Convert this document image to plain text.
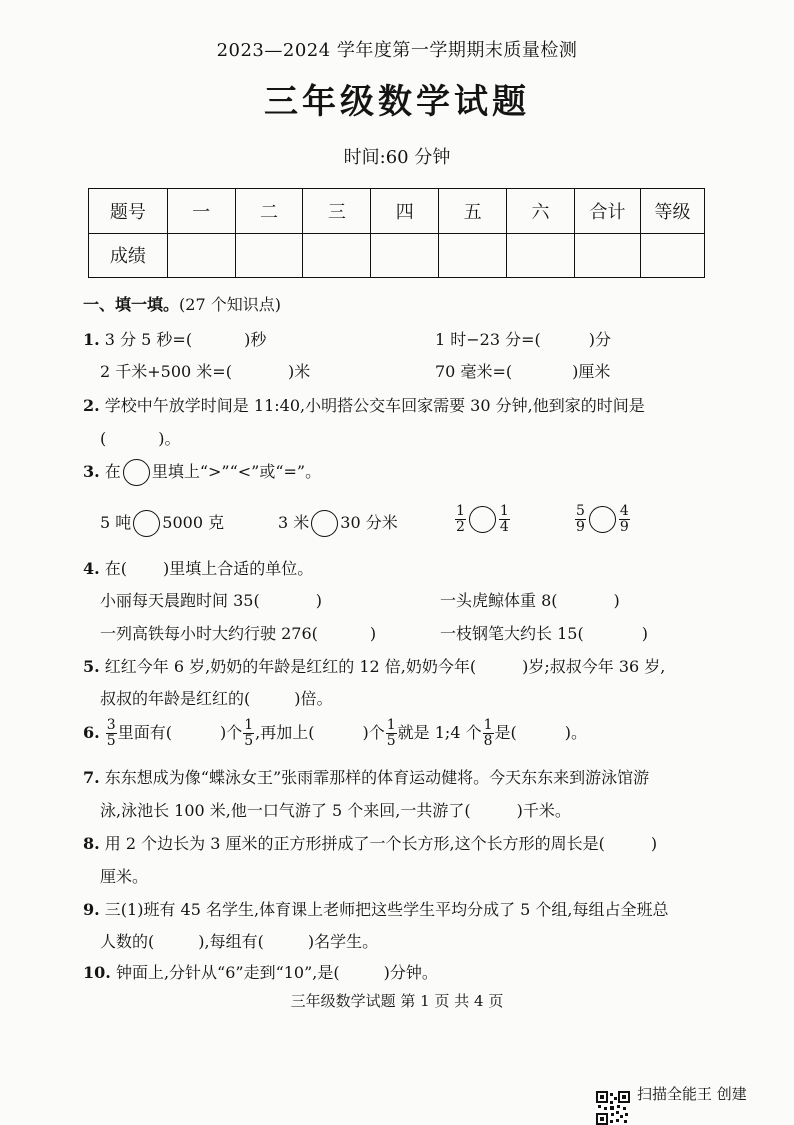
2023—2024 学年度第一学期期末质量检测
三年级数学试题
时间:60 分钟
题号	一	二	三	四	五	六	合计	等级
成绩								
一、填一填。(27 个知识点)
1. 3 分 5 秒=(	)秒	1 时−23 分=(	)分
2 千米+500 米=(	)米	70 毫米=(	)厘米
2. 学校中午放学时间是 11:40,小明搭公交车回家需要 30 分钟,他到家的时间是
(	)。
3. 在 里填上“>”“<”或“=”。
5 吨 5000 克	3 米 30 分米	$\frac{1}{2} \frac{1}{4}$	$\frac{5}{9} \frac{4}{9}$
4. 在( )里填上合适的单位。
小丽每天晨跑时间 35(	)	一头虎鲸体重 8(	)
一列高铁每小时大约行驶 276(	)	一枝钢笔大约长 15(	)
5. 红红今年 6 岁,奶奶的年龄是红红的 12 倍,奶奶今年(	)岁;叔叔今年 36 岁,
叔叔的年龄是红红的(	)倍。
6. $\frac{3}{5}$ 里面有(	)个 $\frac{1}{5}$ ,再加上(	)个 $\frac{1}{5}$ 就是 1;4 个 $\frac{1}{8}$ 是(	)。
7. 东东想成为像“蝶泳女王”张雨霏那样的体育运动健将。今天东东来到游泳馆游
泳,泳池长 100 米,他一口气游了 5 个来回,一共游了(	)千米。
8. 用 2 个边长为 3 厘米的正方形拼成了一个长方形,这个长方形的周长是(	)
厘米。
9. 三(1)班有 45 名学生,体育课上老师把这些学生平均分成了 5 个组,每组占全班总
人数的(	),每组有(	)名学生。
10. 钟面上,分针从“6”走到“10”,是(	)分钟。
三年级数学试题 第 1 页 共 4 页
扫描全能王 创建
